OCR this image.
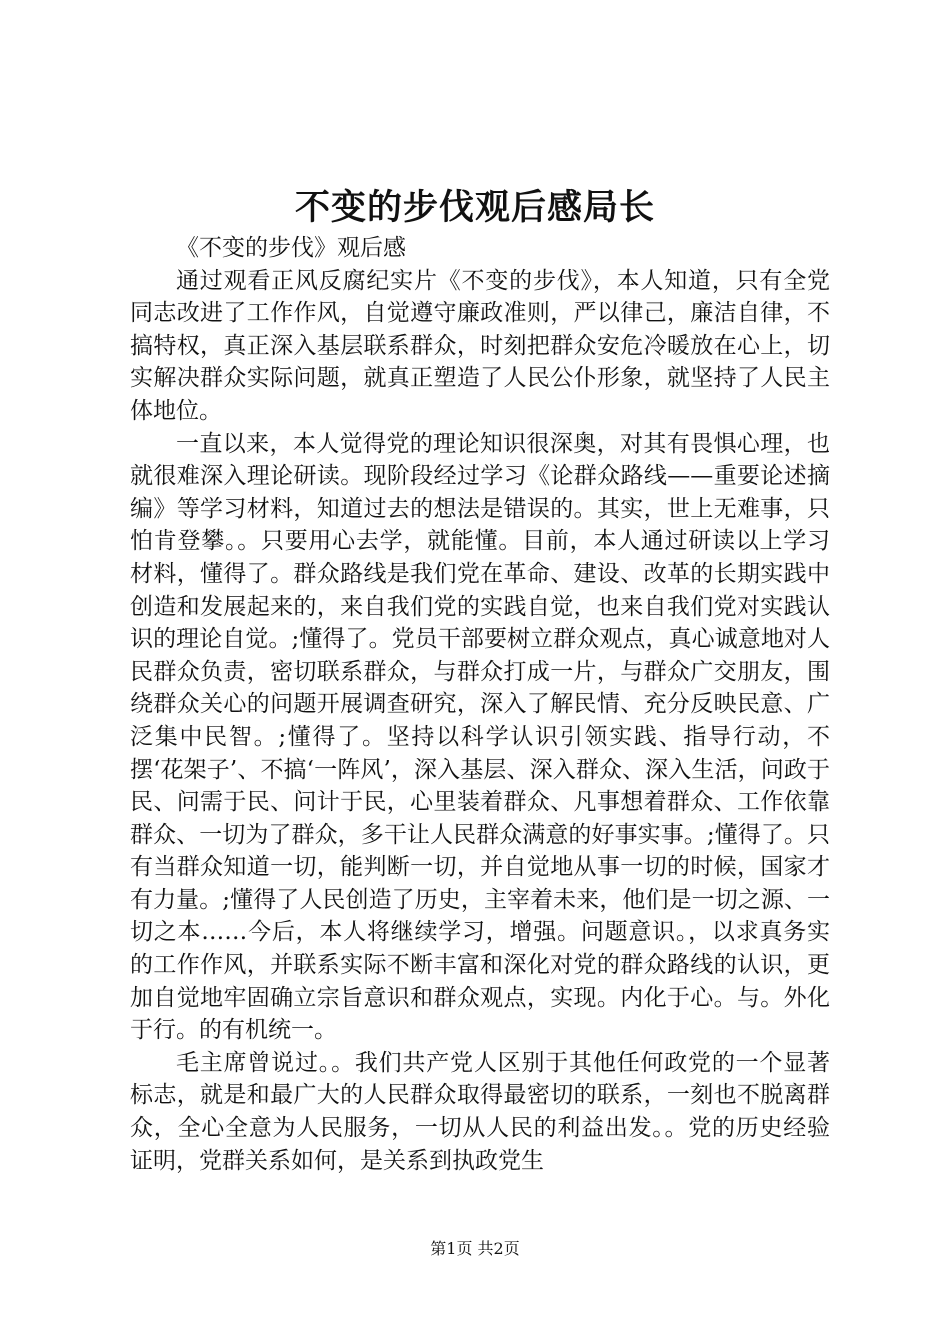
不变的步伐观后感局长

《不变的步伐》观后感

通过观看正风反腐纪实片《不变的步伐》，本人知道，只有全党同志改进了工作作风，自觉遵守廉政准则，严以律己，廉洁自律，不搞特权，真正深入基层联系群众，时刻把群众安危冷暖放在心上，切实解决群众实际问题，就真正塑造了人民公仆形象，就坚持了人民主体地位。

一直以来，本人觉得党的理论知识很深奥，对其有畏惧心理，也就很难深入理论研读。现阶段经过学习《论群众路线——重要论述摘编》等学习材料，知道过去的想法是错误的。其实，世上无难事，只怕肯登攀。。只要用心去学，就能懂。目前，本人通过研读以上学习材料，懂得了。群众路线是我们党在革命、建设、改革的长期实践中创造和发展起来的，来自我们党的实践自觉，也来自我们党对实践认识的理论自觉。;懂得了。党员干部要树立群众观点，真心诚意地对人民群众负责，密切联系群众，与群众打成一片，与群众广交朋友，围绕群众关心的问题开展调查研究，深入了解民情、充分反映民意、广泛集中民智。;懂得了。坚持以科学认识引领实践、指导行动，不摆‘花架子’、不搞‘一阵风’，深入基层、深入群众、深入生活，问政于民、问需于民、问计于民，心里装着群众、凡事想着群众、工作依靠群众、一切为了群众，多干让人民群众满意的好事实事。;懂得了。只有当群众知道一切，能判断一切，并自觉地从事一切的时候，国家才有力量。;懂得了人民创造了历史，主宰着未来，他们是一切之源、一切之本……今后，本人将继续学习，增强。问题意识。，以求真务实的工作作风，并联系实际不断丰富和深化对党的群众路线的认识，更加自觉地牢固确立宗旨意识和群众观点，实现。内化于心。与。外化于行。的有机统一。

毛主席曾说过。。我们共产党人区别于其他任何政党的一个显著标志，就是和最广大的人民群众取得最密切的联系，一刻也不脱离群众，全心全意为人民服务，一切从人民的利益出发。。党的历史经验证明，党群关系如何，是关系到执政党生

第1页 共2页
